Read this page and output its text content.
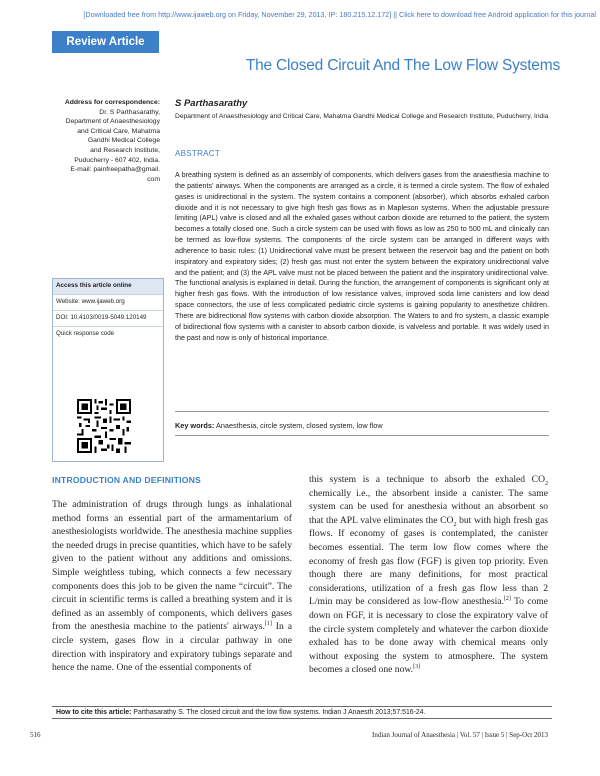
[Downloaded free from http://www.ijaweb.org on Friday, November 29, 2013, IP: 180.215.12.172] || Click here to download free Android application for this journal
Review Article
The Closed Circuit And The Low Flow Systems
Address for correspondence:
Dr. S Parthasarathy,
Department of Anaesthesiology
and Critical Care, Mahatma
Gandhi Medical College
and Research Institute,
Puducherry - 607 402, India.
E-mail: painfreepatha@gmail.
com
S Parthasarathy
Department of Anaesthesiology and Critical Care, Mahatma Gandhi Medical College and Research Institute, Puducherry, India
ABSTRACT

A breathing system is defined as an assembly of components, which delivers gases from the anaesthesia machine to the patients' airways. When the components are arranged as a circle, it is termed a circle system. The flow of exhaled gases is unidirectional in the system. The system contains a component (absorber), which absorbs exhaled carbon dioxide and it is not necessary to give high fresh gas flows as in Mapleson systems. When the adjustable pressure limiting (APL) valve is closed and all the exhaled gases without carbon dioxide are returned to the patient, the system becomes a totally closed one. Such a circle system can be used with flows as low as 250 to 500 mL and clinically can be termed as low-flow systems. The components of the circle system can be arranged in different ways with adherence to basic rules: (1) Unidirectional valve must be present between the reservoir bag and the patient on both inspiratory and expiratory sides; (2) fresh gas must not enter the system between the expiratory unidirectional valve and the patient; and (3) the APL valve must not be placed between the patient and the inspiratory unidirectional valve. The functional analysis is explained in detail. During the function, the arrangement of components is significant only at higher fresh gas flows. With the introduction of low resistance valves, improved soda lime canisters and low dead space connectors, the use of less complicated pediatric circle systems is gaining popularity to anesthetize children. There are bidirectional flow systems with carbon dioxide absorption. The Waters to and fro system, a classic example of bidirectional flow systems with a canister to absorb carbon dioxide, is valveless and portable. It was widely used in the past and now is only of historical importance.

Key words: Anaesthesia, circle system, closed system, low flow
Access this article online
Website: www.ijaweb.org
DOI: 10.4103/0019-5049.120149
Quick response code
INTRODUCTION AND DEFINITIONS

The administration of drugs through lungs as inhalational method forms an essential part of the armamentarium of anesthesiologists worldwide. The anesthesia machine supplies the needed drugs in precise quantities, which have to be safely given to the patient without any additions and omissions. Simple weightless tubing, which connects a few necessary components does this job to be given the name “circuit”. The circuit in scientific terms is called a breathing system and it is defined as an assembly of components, which delivers gases from the anesthesia machine to the patients' airways.[1] In a circle system, gases flow in a circular pathway in one direction with inspiratory and expiratory tubings separate and hence the name. One of the essential components of

this system is a technique to absorb the exhaled $CO_2$ chemically i.e., the absorbent inside a canister. The same system can be used for anesthesia without an absorbent so that the APL valve eliminates the $CO_2$ but with high fresh gas flows. If economy of gases is contemplated, the canister becomes essential. The term low flow comes where the economy of fresh gas flow (FGF) is given top priority. Even though there are many definitions, for most practical considerations, utilization of a fresh gas flow less than 2 L/min may be considered as low-flow anesthesia.[2] To come down on FGF, it is necessary to close the expiratory valve of the circle system completely and whatever the carbon dioxide exhaled has to be done away with chemical means only without exposing the system to atmosphere. The system becomes a closed one now.[3]

How to cite this article: Parthasarathy S. The closed circuit and the low flow systems. Indian J Anaesth 2013;57:516-24.
516	Indian Journal of Anaesthesia | Vol. 57 | Issue 5 | Sep-Oct 2013
